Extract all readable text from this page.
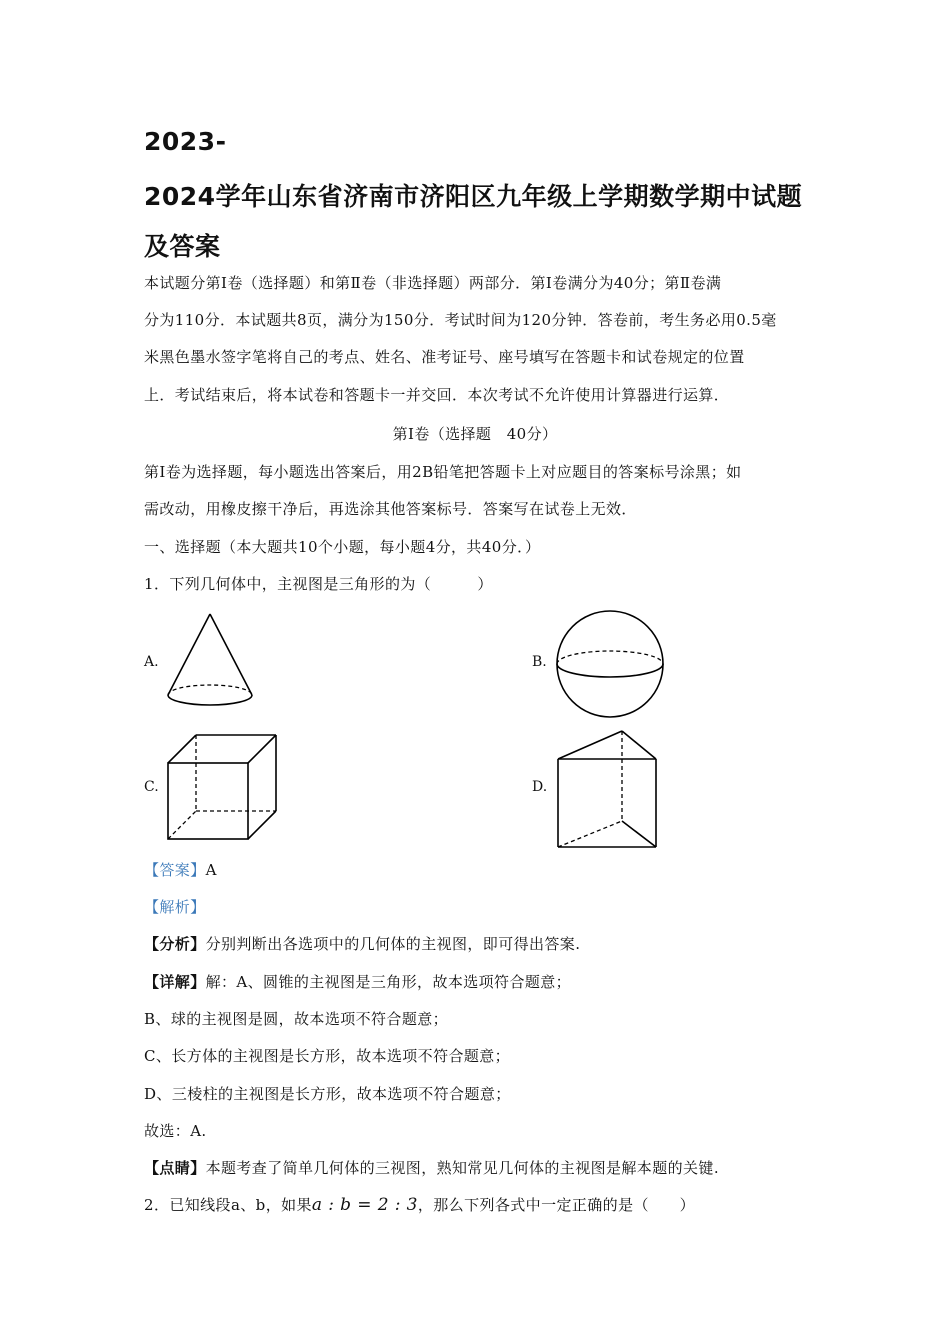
2023-
2024学年山东省济南市济阳区九年级上学期数学期中试题
及答案
本试题分第Ⅰ卷（选择题）和第Ⅱ卷（非选择题）两部分．第Ⅰ卷满分为40分；第Ⅱ卷满
分为110分．本试题共8页，满分为150分．考试时间为120分钟．答卷前，考生务必用0.5毫
米黑色墨水签字笔将自己的考点、姓名、准考证号、座号填写在答题卡和试卷规定的位置
上．考试结束后，将本试卷和答题卡一并交回．本次考试不允许使用计算器进行运算．
第Ⅰ卷（选择题　40分）
第Ⅰ卷为选择题，每小题选出答案后，用2B铅笔把答题卡上对应题目的答案标号涂黑；如
需改动，用橡皮擦干净后，再选涂其他答案标号．答案写在试卷上无效．
一、选择题（本大题共10个小题，每小题4分，共40分．）
1．下列几何体中，主视图是三角形的为（　　　）
A.	B.
C.	D.
【答案】A
【解析】
【分析】分别判断出各选项中的几何体的主视图，即可得出答案.
【详解】解：A、圆锥的主视图是三角形，故本选项符合题意；
B、球的主视图是圆，故本选项不符合题意；
C、长方体的主视图是长方形，故本选项不符合题意；
D、三棱柱的主视图是长方形，故本选项不符合题意；
故选：A.
【点睛】本题考查了简单几何体的三视图，熟知常见几何体的主视图是解本题的关键.
2．已知线段a、b，如果a : b = 2 : 3，那么下列各式中一定正确的是（　　）
